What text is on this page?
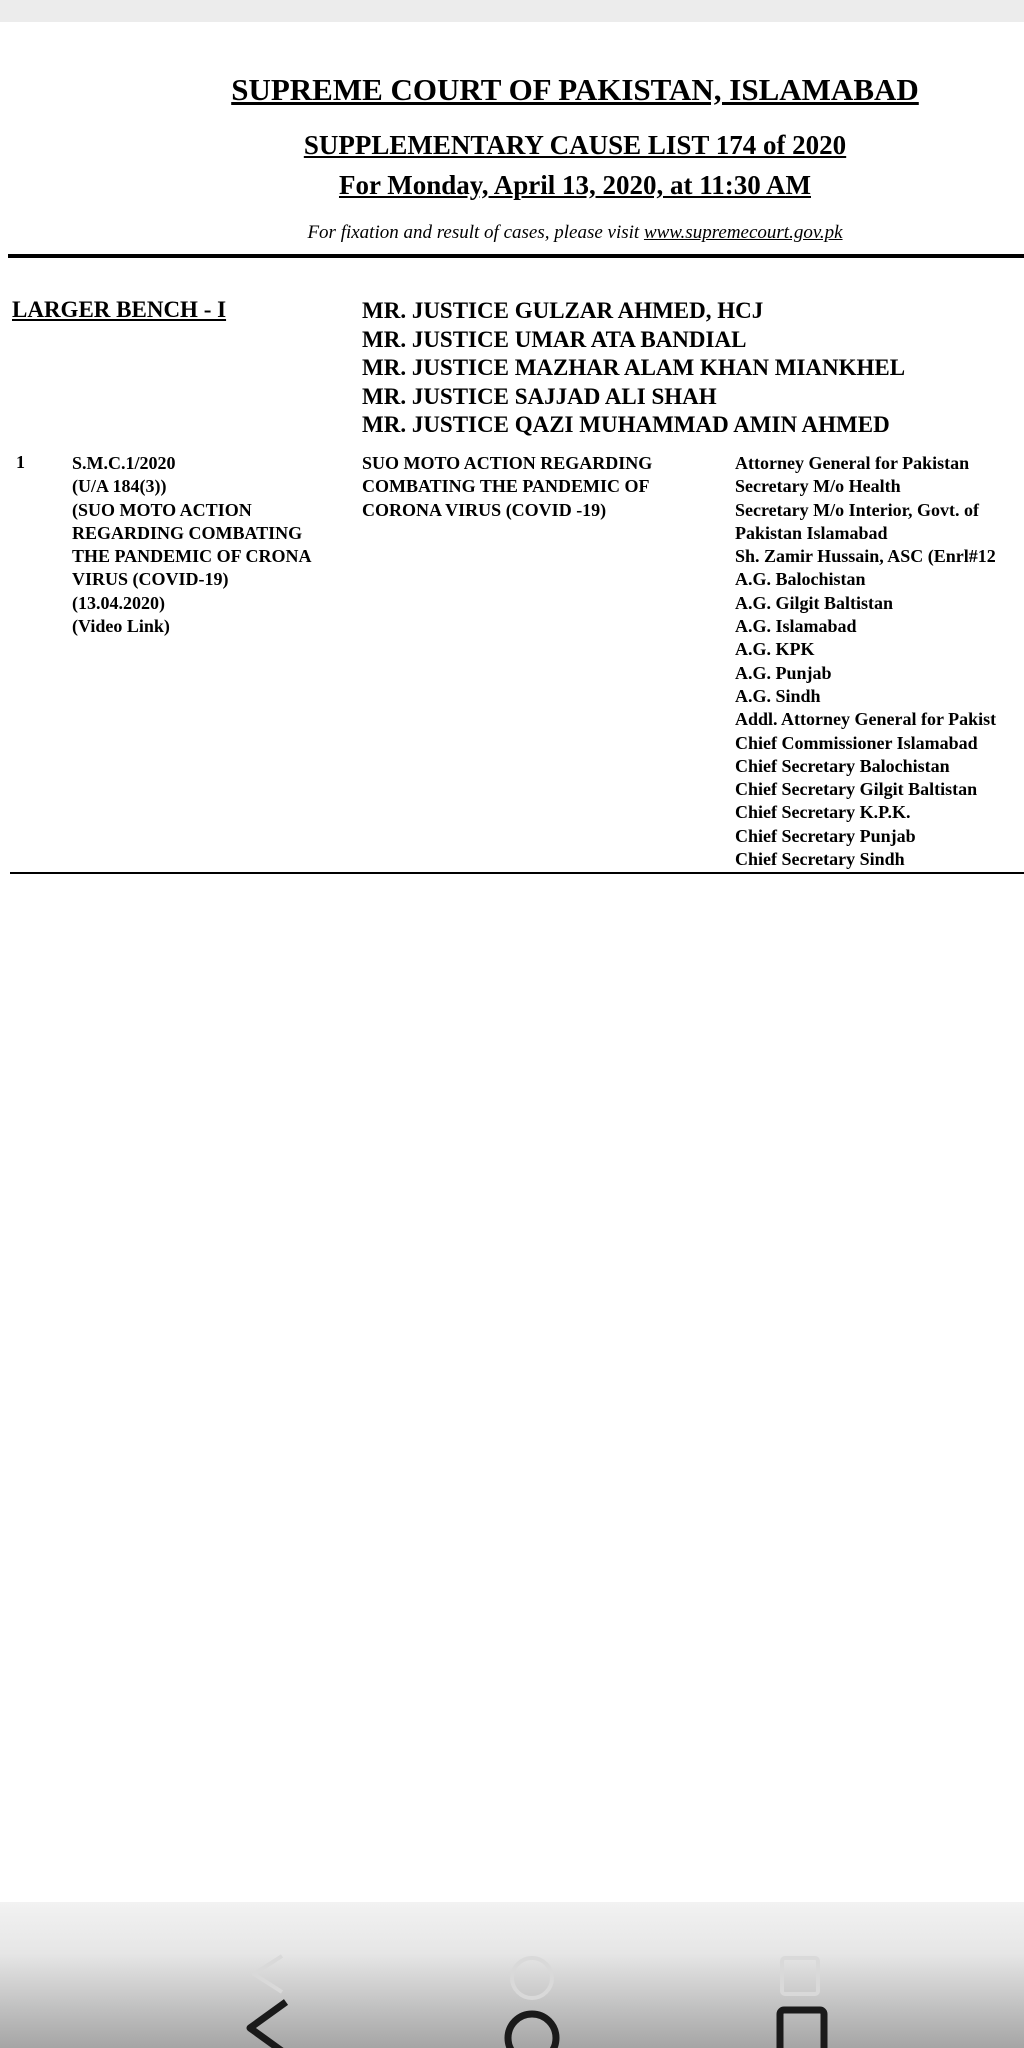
SUPREME COURT OF PAKISTAN, ISLAMABAD
SUPPLEMENTARY CAUSE LIST 174 of 2020
For Monday, April 13, 2020, at 11:30 AM
For fixation and result of cases, please visit www.supremecourt.gov.pk
LARGER BENCH - I	MR. JUSTICE GULZAR AHMED, HCJ
MR. JUSTICE UMAR ATA BANDIAL
MR. JUSTICE MAZHAR ALAM KHAN MIANKHEL
MR. JUSTICE SAJJAD ALI SHAH
MR. JUSTICE QAZI MUHAMMAD AMIN AHMED
1	S.M.C.1/2020
(U/A 184(3))
(SUO MOTO ACTION
REGARDING COMBATING
THE PANDEMIC OF CRONA
VIRUS (COVID-19)
(13.04.2020)
(Video Link)
SUO MOTO ACTION REGARDING
COMBATING THE PANDEMIC OF
CORONA VIRUS (COVID -19)
Attorney General for Pakistan
Secretary M/o Health
Secretary M/o Interior, Govt. of
Pakistan Islamabad
Sh. Zamir Hussain, ASC (Enrl#12
A.G. Balochistan
A.G. Gilgit Baltistan
A.G. Islamabad
A.G. KPK
A.G. Punjab
A.G. Sindh
Addl. Attorney General for Pakist
Chief Commissioner Islamabad
Chief Secretary Balochistan
Chief Secretary Gilgit Baltistan
Chief Secretary K.P.K.
Chief Secretary Punjab
Chief Secretary Sindh
